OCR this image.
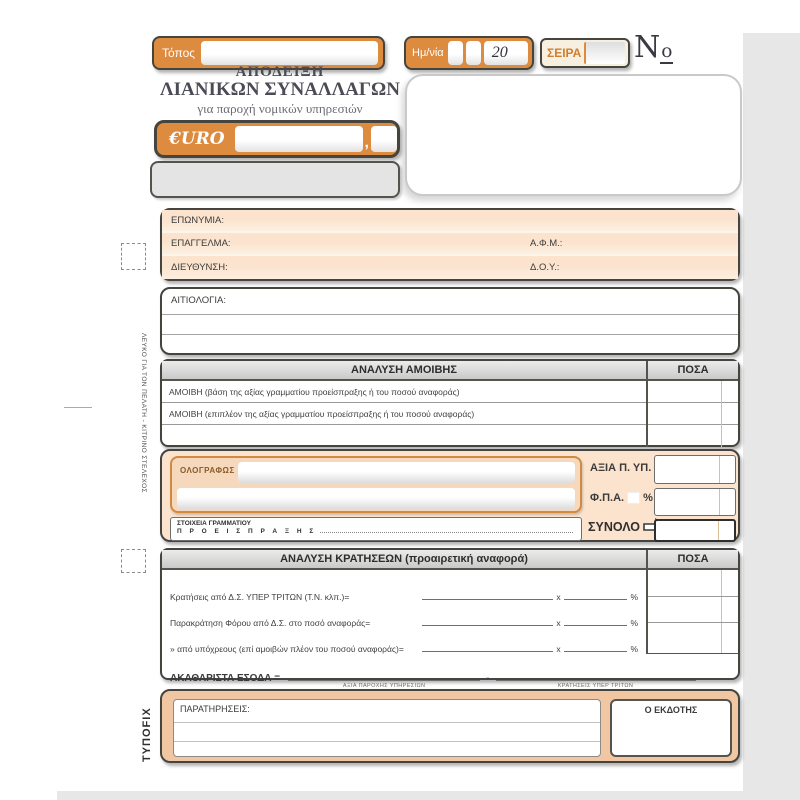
Τόπος	Ημ/νία	20	ΣΕΙΡΑ No
ΑΠΟΔΕΙΞΗ
ΛΙΑΝΙΚΩΝ ΣΥΝΑΛΛΑΓΩΝ
για παροχή νομικών υπηρεσιών
€URO	,
ΕΠΩΝΥΜΙΑ:
ΕΠΑΓΓΕΛΜΑ:	Α.Φ.Μ.:
ΔΙΕΥΘΥΝΣΗ:	Δ.Ο.Υ.:
ΑΙΤΙΟΛΟΓΙΑ:
ΑΝΑΛΥΣΗ ΑΜΟΙΒΗΣ	ΠΟΣΑ
ΑΜΟΙΒΗ (βάση της αξίας γραμματίου προείσπραξης ή του ποσού αναφοράς)
ΑΜΟΙΒΗ (επιπλέον της αξίας γραμματίου προείσπραξης ή του ποσού αναφοράς)
ΟΛΟΓΡΑΦΩΣ
ΣΤΟΙΧΕΙΑ ΓΡΑΜΜΑΤΙΟΥ
Π Ρ Ο Ε Ι Σ Π Ρ Α Ξ Η Σ
ΑΞΙΑ Π. ΥΠ.
Φ.Π.Α. %
ΣΥΝΟΛΟ
ΑΝΑΛΥΣΗ ΚΡΑΤΗΣΕΩΝ (προαιρετική αναφορά)	ΠΟΣΑ
Κρατήσεις από Δ.Σ. ΥΠΕΡ ΤΡΙΤΩΝ (Τ.Ν. κλπ.)=	x	%
Παρακράτηση Φόρου από Δ.Σ. στο ποσό αναφοράς=	x	%
» από υπόχρεους (επί αμοιβών πλέον του ποσού αναφοράς)=	x	%
ΑΚΑΘΑΡΙΣΤΑ ΕΣΟΔΑ =
ΑΞΙΑ ΠΑΡΟΧΗΣ ΥΠΗΡΕΣΙΩΝ
-
ΚΡΑΤΗΣΕΙΣ ΥΠΕΡ ΤΡΙΤΩΝ
ΠΑΡΑΤΗΡΗΣΕΙΣ:	Ο ΕΚΔΟΤΗΣ
ΤΥΠΟFIX
ΛΕΥΚΟ ΓΙΑ ΤΟΝ ΠΕΛΑΤΗ - ΚΙΤΡΙΝΟ ΣΤΕΛΕΧΟΣ
